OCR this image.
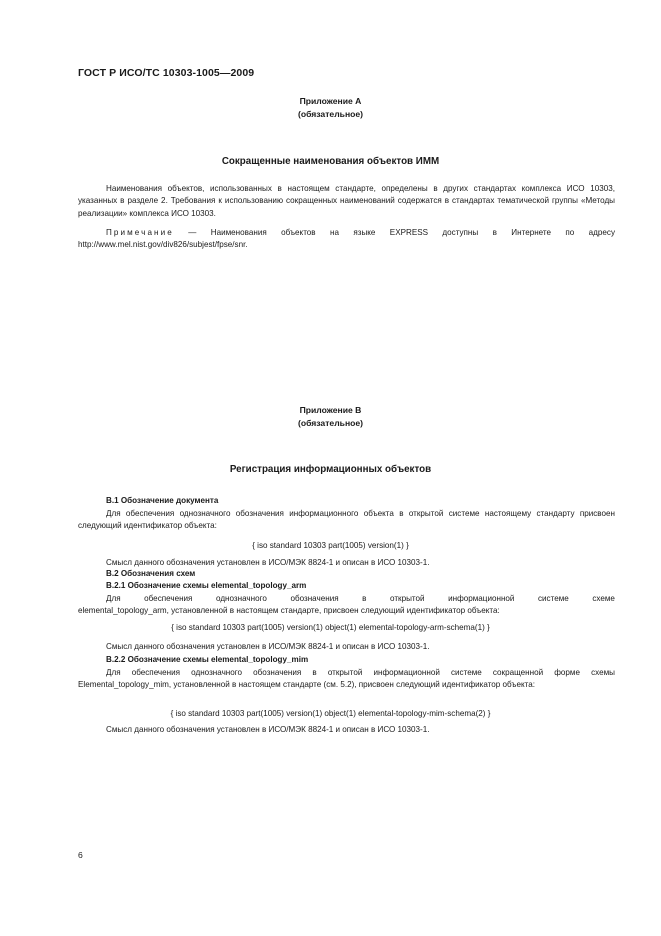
ГОСТ Р ИСО/ТС 10303-1005—2009
Приложение А
(обязательное)
Сокращенные наименования объектов ИММ

Наименования объектов, использованных в настоящем стандарте, определены в других стандартах комплекса ИСО 10303, указанных в разделе 2. Требования к использованию сокращенных наименований содержатся в стандартах тематической группы «Методы реализации» комплекса ИСО 10303.

Примечание — Наименования объектов на языке EXPRESS доступны в Интернете по адресу http://www.mel.nist.gov/div826/subjest/fpse/snr.

Приложение В
(обязательное)
Регистрация информационных объектов
В.1 Обозначение документа

Для обеспечения однозначного обозначения информационного объекта в открытой системе настоящему стандарту присвоен следующий идентификатор объекта:

{ iso standard 10303 part(1005) version(1) }

Смысл данного обозначения установлен в ИСО/МЭК 8824-1 и описан в ИСО 10303-1.

В.2 Обозначения схем
В.2.1 Обозначение схемы elemental_topology_arm
Для	обеспечения	однозначного	обозначения	в	открытой	информационной	системе	схеме
elemental_topology_arm, установленной в настоящем стандарте, присвоен следующий идентификатор объекта:
{ iso standard 10303 part(1005) version(1) object(1) elemental-topology-arm-schema(1) }

Смысл данного обозначения установлен в ИСО/МЭК 8824-1 и описан в ИСО 10303-1.

В.2.2 Обозначение схемы elemental_topology_mim

Для обеспечения однозначного обозначения в открытой информационной системе сокращенной форме схемы Elemental_topology_mim, установленной в настоящем стандарте (см. 5.2), присвоен следующий идентификатор объекта:

{ iso standard 10303 part(1005) version(1) object(1) elemental-topology-mim-schema(2) }

Смысл данного обозначения установлен в ИСО/МЭК 8824-1 и описан в ИСО 10303-1.

6
